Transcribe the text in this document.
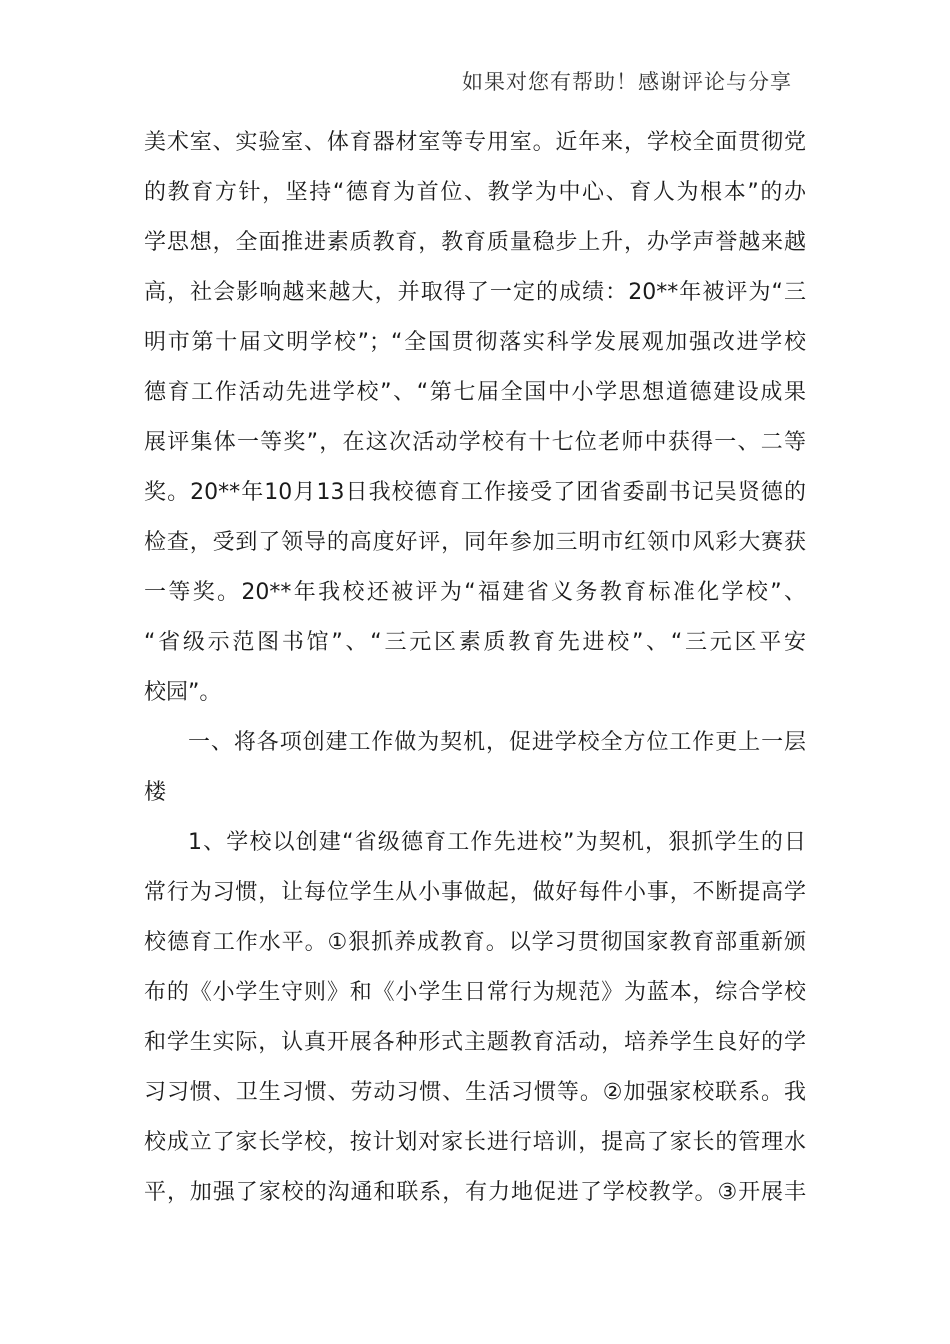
如果对您有帮助！感谢评论与分享
美术室、实验室、体育器材室等专用室。近年来，学校全面贯彻党
的教育方针，坚持“德育为首位、教学为中心、育人为根本”的办
学思想，全面推进素质教育，教育质量稳步上升，办学声誉越来越
高，社会影响越来越大，并取得了一定的成绩：20**年被评为“三
明市第十届文明学校”；“全国贯彻落实科学发展观加强改进学校
德育工作活动先进学校”、“第七届全国中小学思想道德建设成果
展评集体一等奖”，在这次活动学校有十七位老师中获得一、二等
奖。20**年10月13日我校德育工作接受了团省委副书记吴贤德的
检查，受到了领导的高度好评，同年参加三明市红领巾风彩大赛获
一等奖。20**年我校还被评为“福建省义务教育标准化学校”、
“省级示范图书馆”、“三元区素质教育先进校”、“三元区平安
校园”。
一、将各项创建工作做为契机，促进学校全方位工作更上一层
楼
1、学校以创建“省级德育工作先进校”为契机，狠抓学生的日
常行为习惯，让每位学生从小事做起，做好每件小事，不断提高学
校德育工作水平。①狠抓养成教育。以学习贯彻国家教育部重新颁
布的《小学生守则》和《小学生日常行为规范》为蓝本，综合学校
和学生实际，认真开展各种形式主题教育活动，培养学生良好的学
习习惯、卫生习惯、劳动习惯、生活习惯等。②加强家校联系。我
校成立了家长学校，按计划对家长进行培训，提高了家长的管理水
平，加强了家校的沟通和联系，有力地促进了学校教学。③开展丰
